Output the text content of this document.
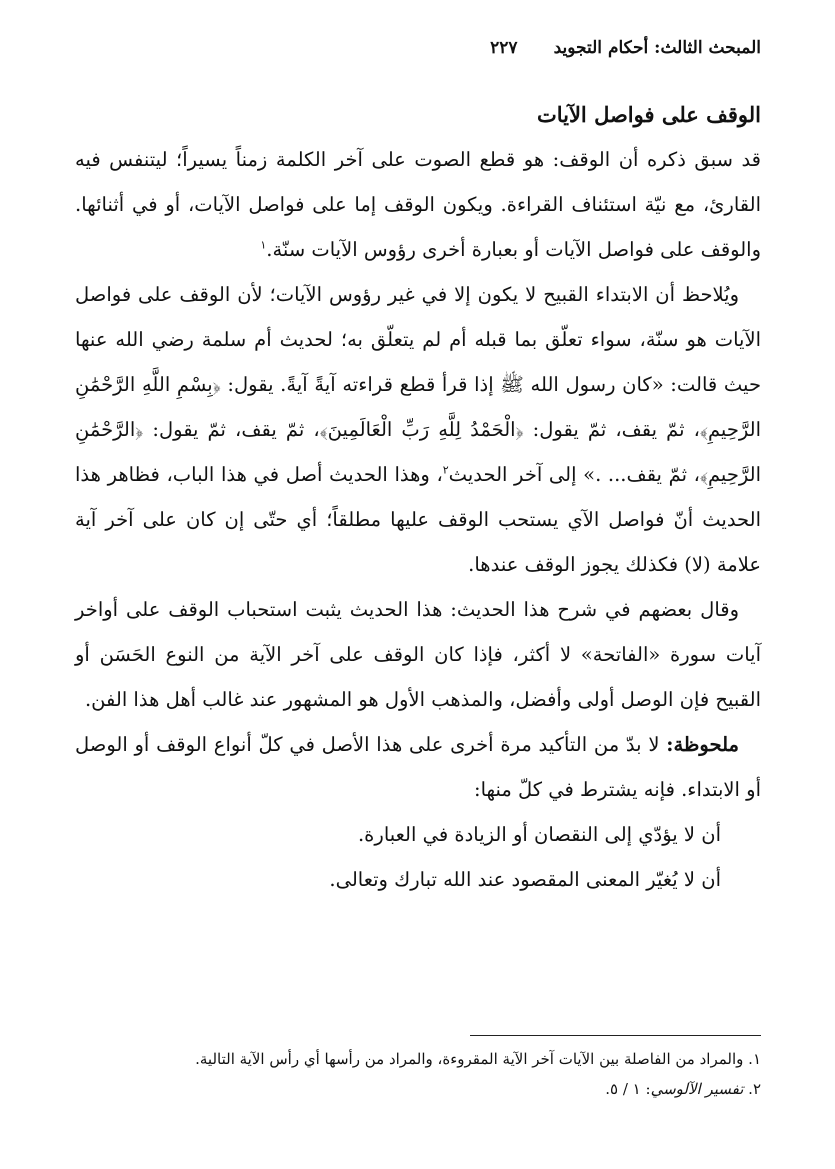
المبحث الثالث: أحكام التجويد
٢٢٧

الوقف على فواصل الآيات

قد سبق ذكره أن الوقف: هو قطع الصوت على آخر الكلمة زمناً يسيراً؛ ليتنفس فيه القارئ، مع نيّة استئناف القراءة. ويكون الوقف إما على فواصل الآيات، أو في أثنائها. والوقف على فواصل الآيات أو بعبارة أخرى رؤوس الآيات سنّة.$^١$

ويُلاحظ أن الابتداء القبيح لا يكون إلا في غير رؤوس الآيات؛ لأن الوقف على فواصل الآيات هو سنّة، سواء تعلّق بما قبله أم لم يتعلّق به؛ لحديث أم سلمة رضي الله عنها حيث قالت: «كان رسول الله ﷺ إذا قرأ قطع قراءته آيةً آيةً. يقول: ﴿بِسْمِ اللَّهِ الرَّحْمَٰنِ الرَّحِيمِ﴾، ثمّ يقف، ثمّ يقول: ﴿الْحَمْدُ لِلَّهِ رَبِّ الْعَالَمِينَ﴾، ثمّ يقف، ثمّ يقول: ﴿الرَّحْمَٰنِ الرَّحِيمِ﴾، ثمّ يقف... .» إلى آخر الحديث$^٢$، وهذا الحديث أصل في هذا الباب، فظاهر هذا الحديث أنّ فواصل الآي يستحب الوقف عليها مطلقاً؛ أي حتّى إن كان على آخر آية علامة (لا) فكذلك يجوز الوقف عندها.

وقال بعضهم في شرح هذا الحديث: هذا الحديث يثبت استحباب الوقف على أواخر آيات سورة «الفاتحة» لا أكثر، فإذا كان الوقف على آخر الآية من النوع الحَسَن أو القبيح فإن الوصل أولى وأفضل، والمذهب الأول هو المشهور عند غالب أهل هذا الفن.

ملحوظة: لا بدّ من التأكيد مرة أخرى على هذا الأصل في كلّ أنواع الوقف أو الوصل أو الابتداء. فإنه يشترط في كلّ منها:

أن لا يؤدّي إلى النقصان أو الزيادة في العبارة.

أن لا يُغيّر المعنى المقصود عند الله تبارك وتعالى.

١. والمراد من الفاصلة بين الآيات آخر الآية المقروءة، والمراد من رأسها أي رأس الآية التالية.

٢. تفسير الآلوسي: ١ / ٥.
